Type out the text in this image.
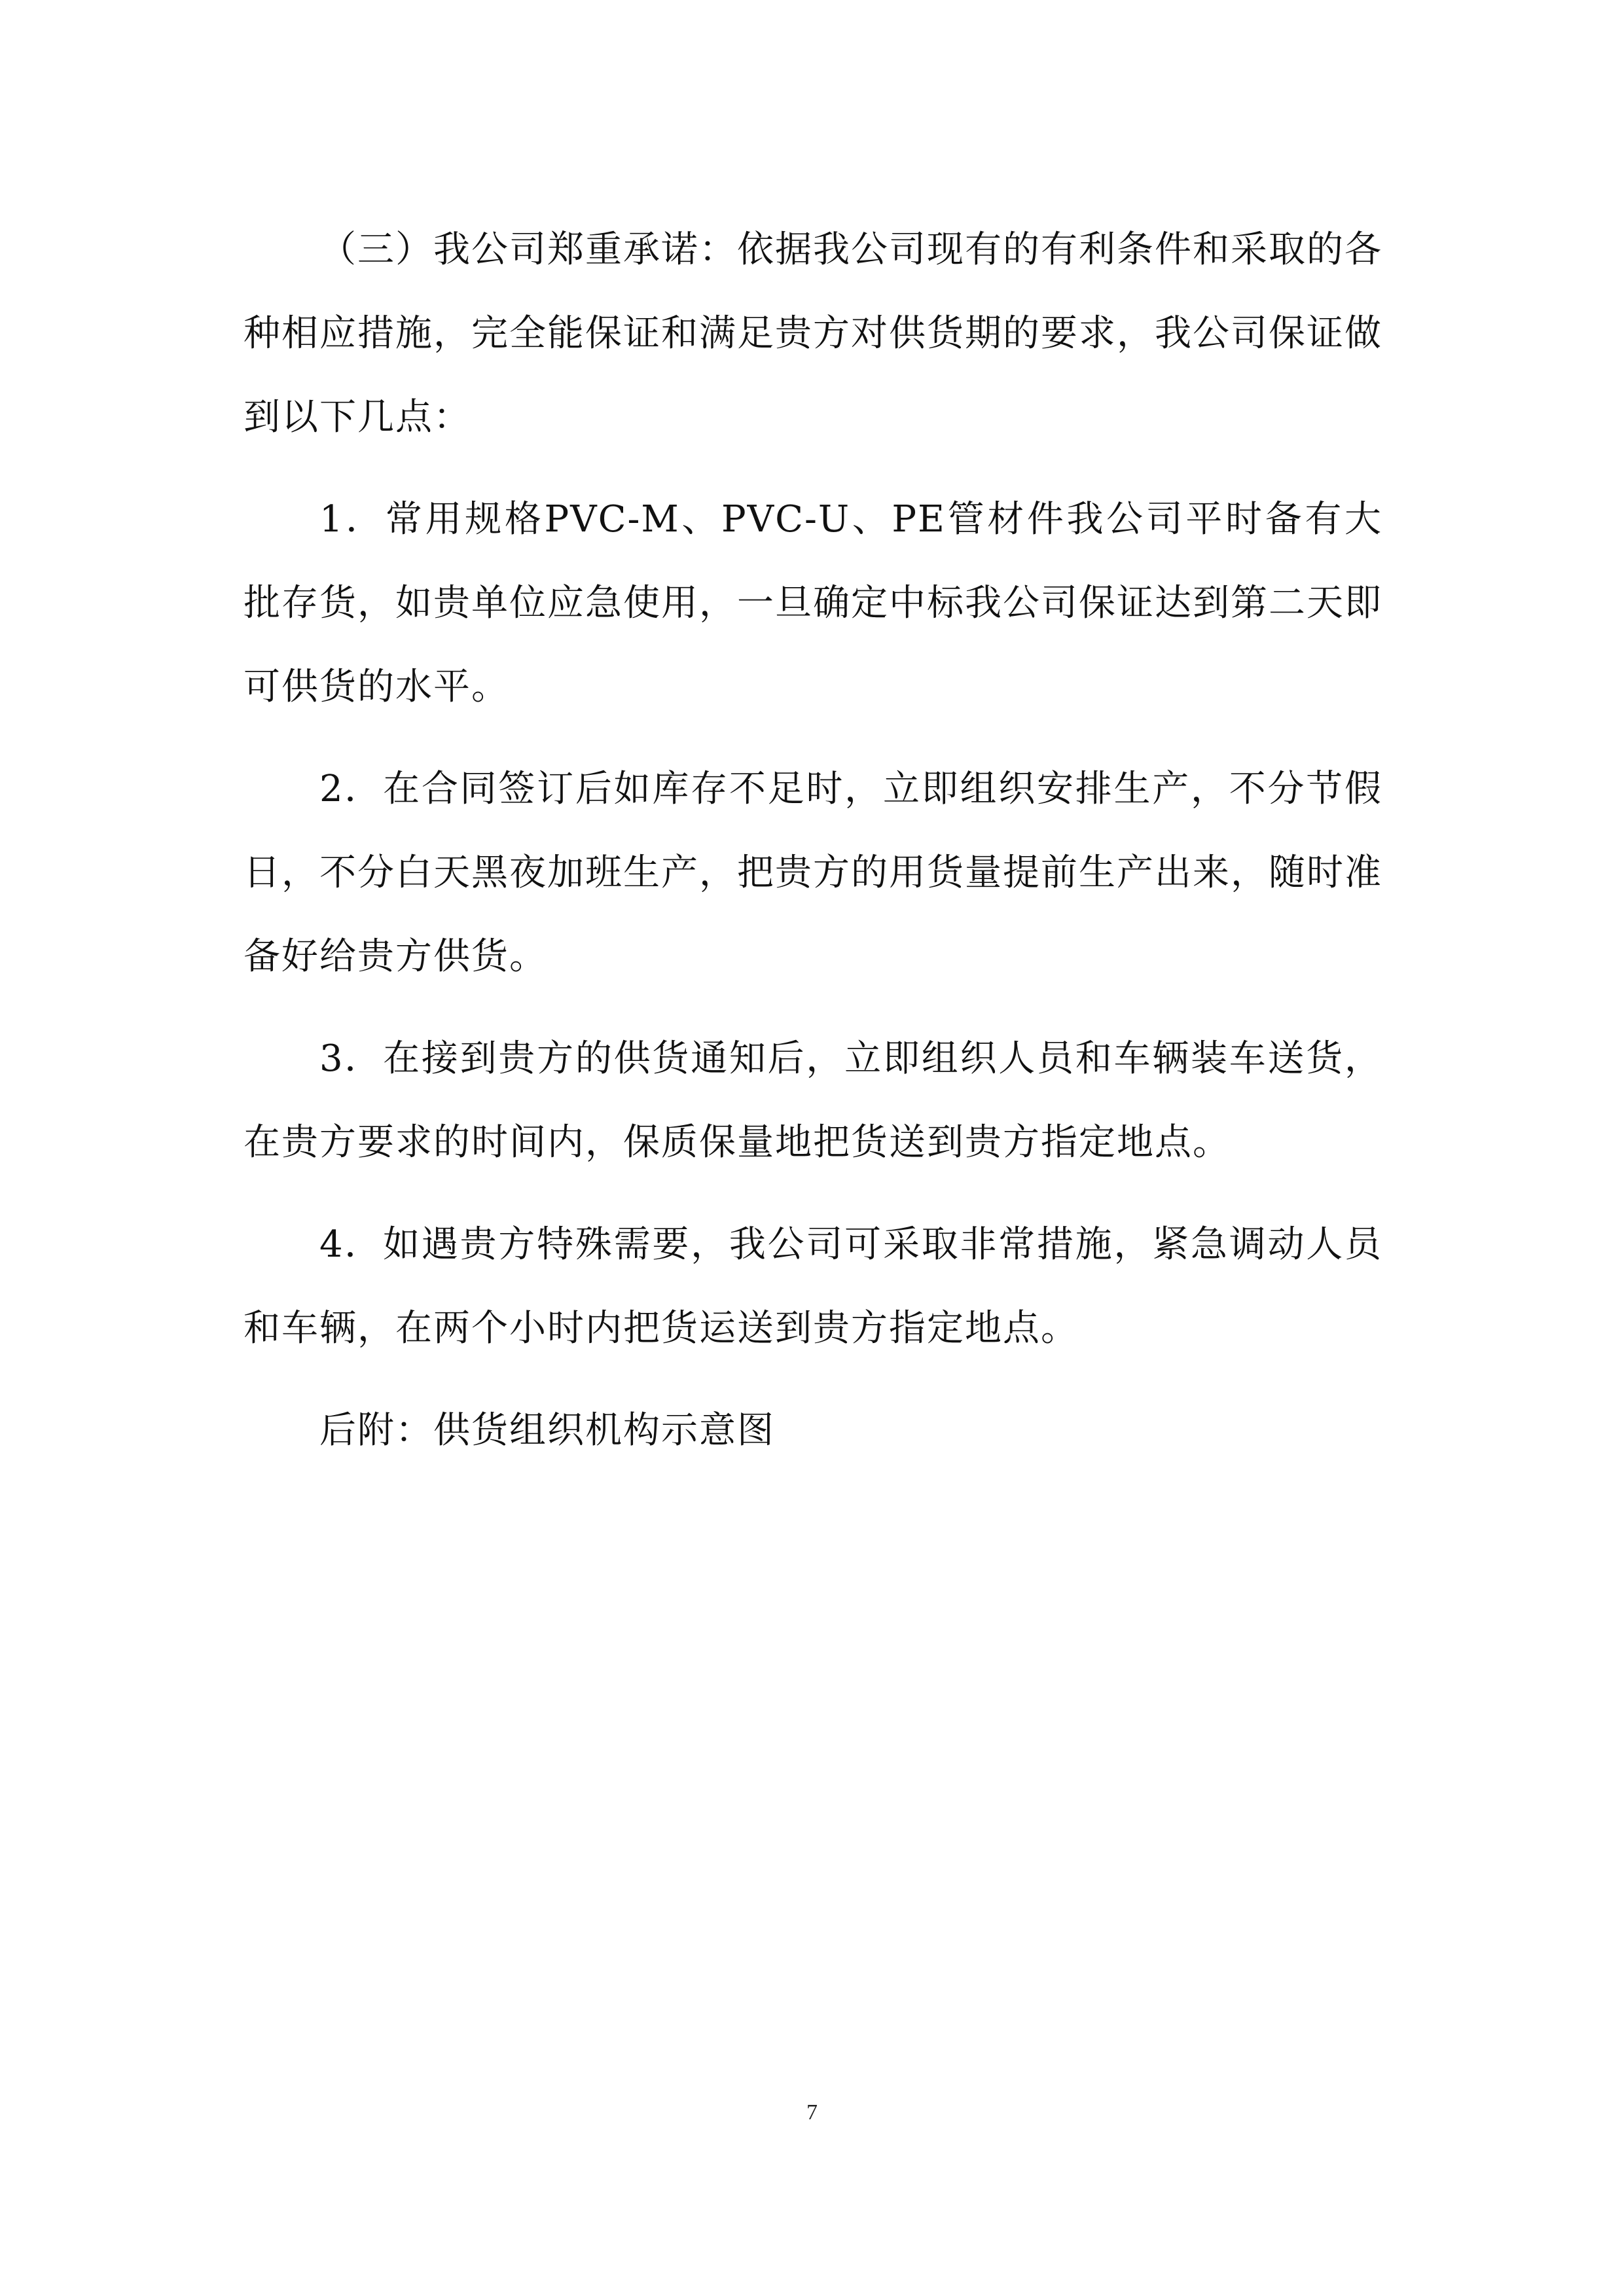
（三）我公司郑重承诺：依据我公司现有的有利条件和采取的各种相应措施，完全能保证和满足贵方对供货期的要求，我公司保证做到以下几点：

1．常用规格PVC-M、PVC-U、PE管材件我公司平时备有大批存货，如贵单位应急使用，一旦确定中标我公司保证达到第二天即可供货的水平。

2．在合同签订后如库存不足时，立即组织安排生产，不分节假日，不分白天黑夜加班生产，把贵方的用货量提前生产出来，随时准备好给贵方供货。

3．在接到贵方的供货通知后，立即组织人员和车辆装车送货，在贵方要求的时间内，保质保量地把货送到贵方指定地点。

4．如遇贵方特殊需要，我公司可采取非常措施，紧急调动人员和车辆，在两个小时内把货运送到贵方指定地点。

后附：供货组织机构示意图

7
